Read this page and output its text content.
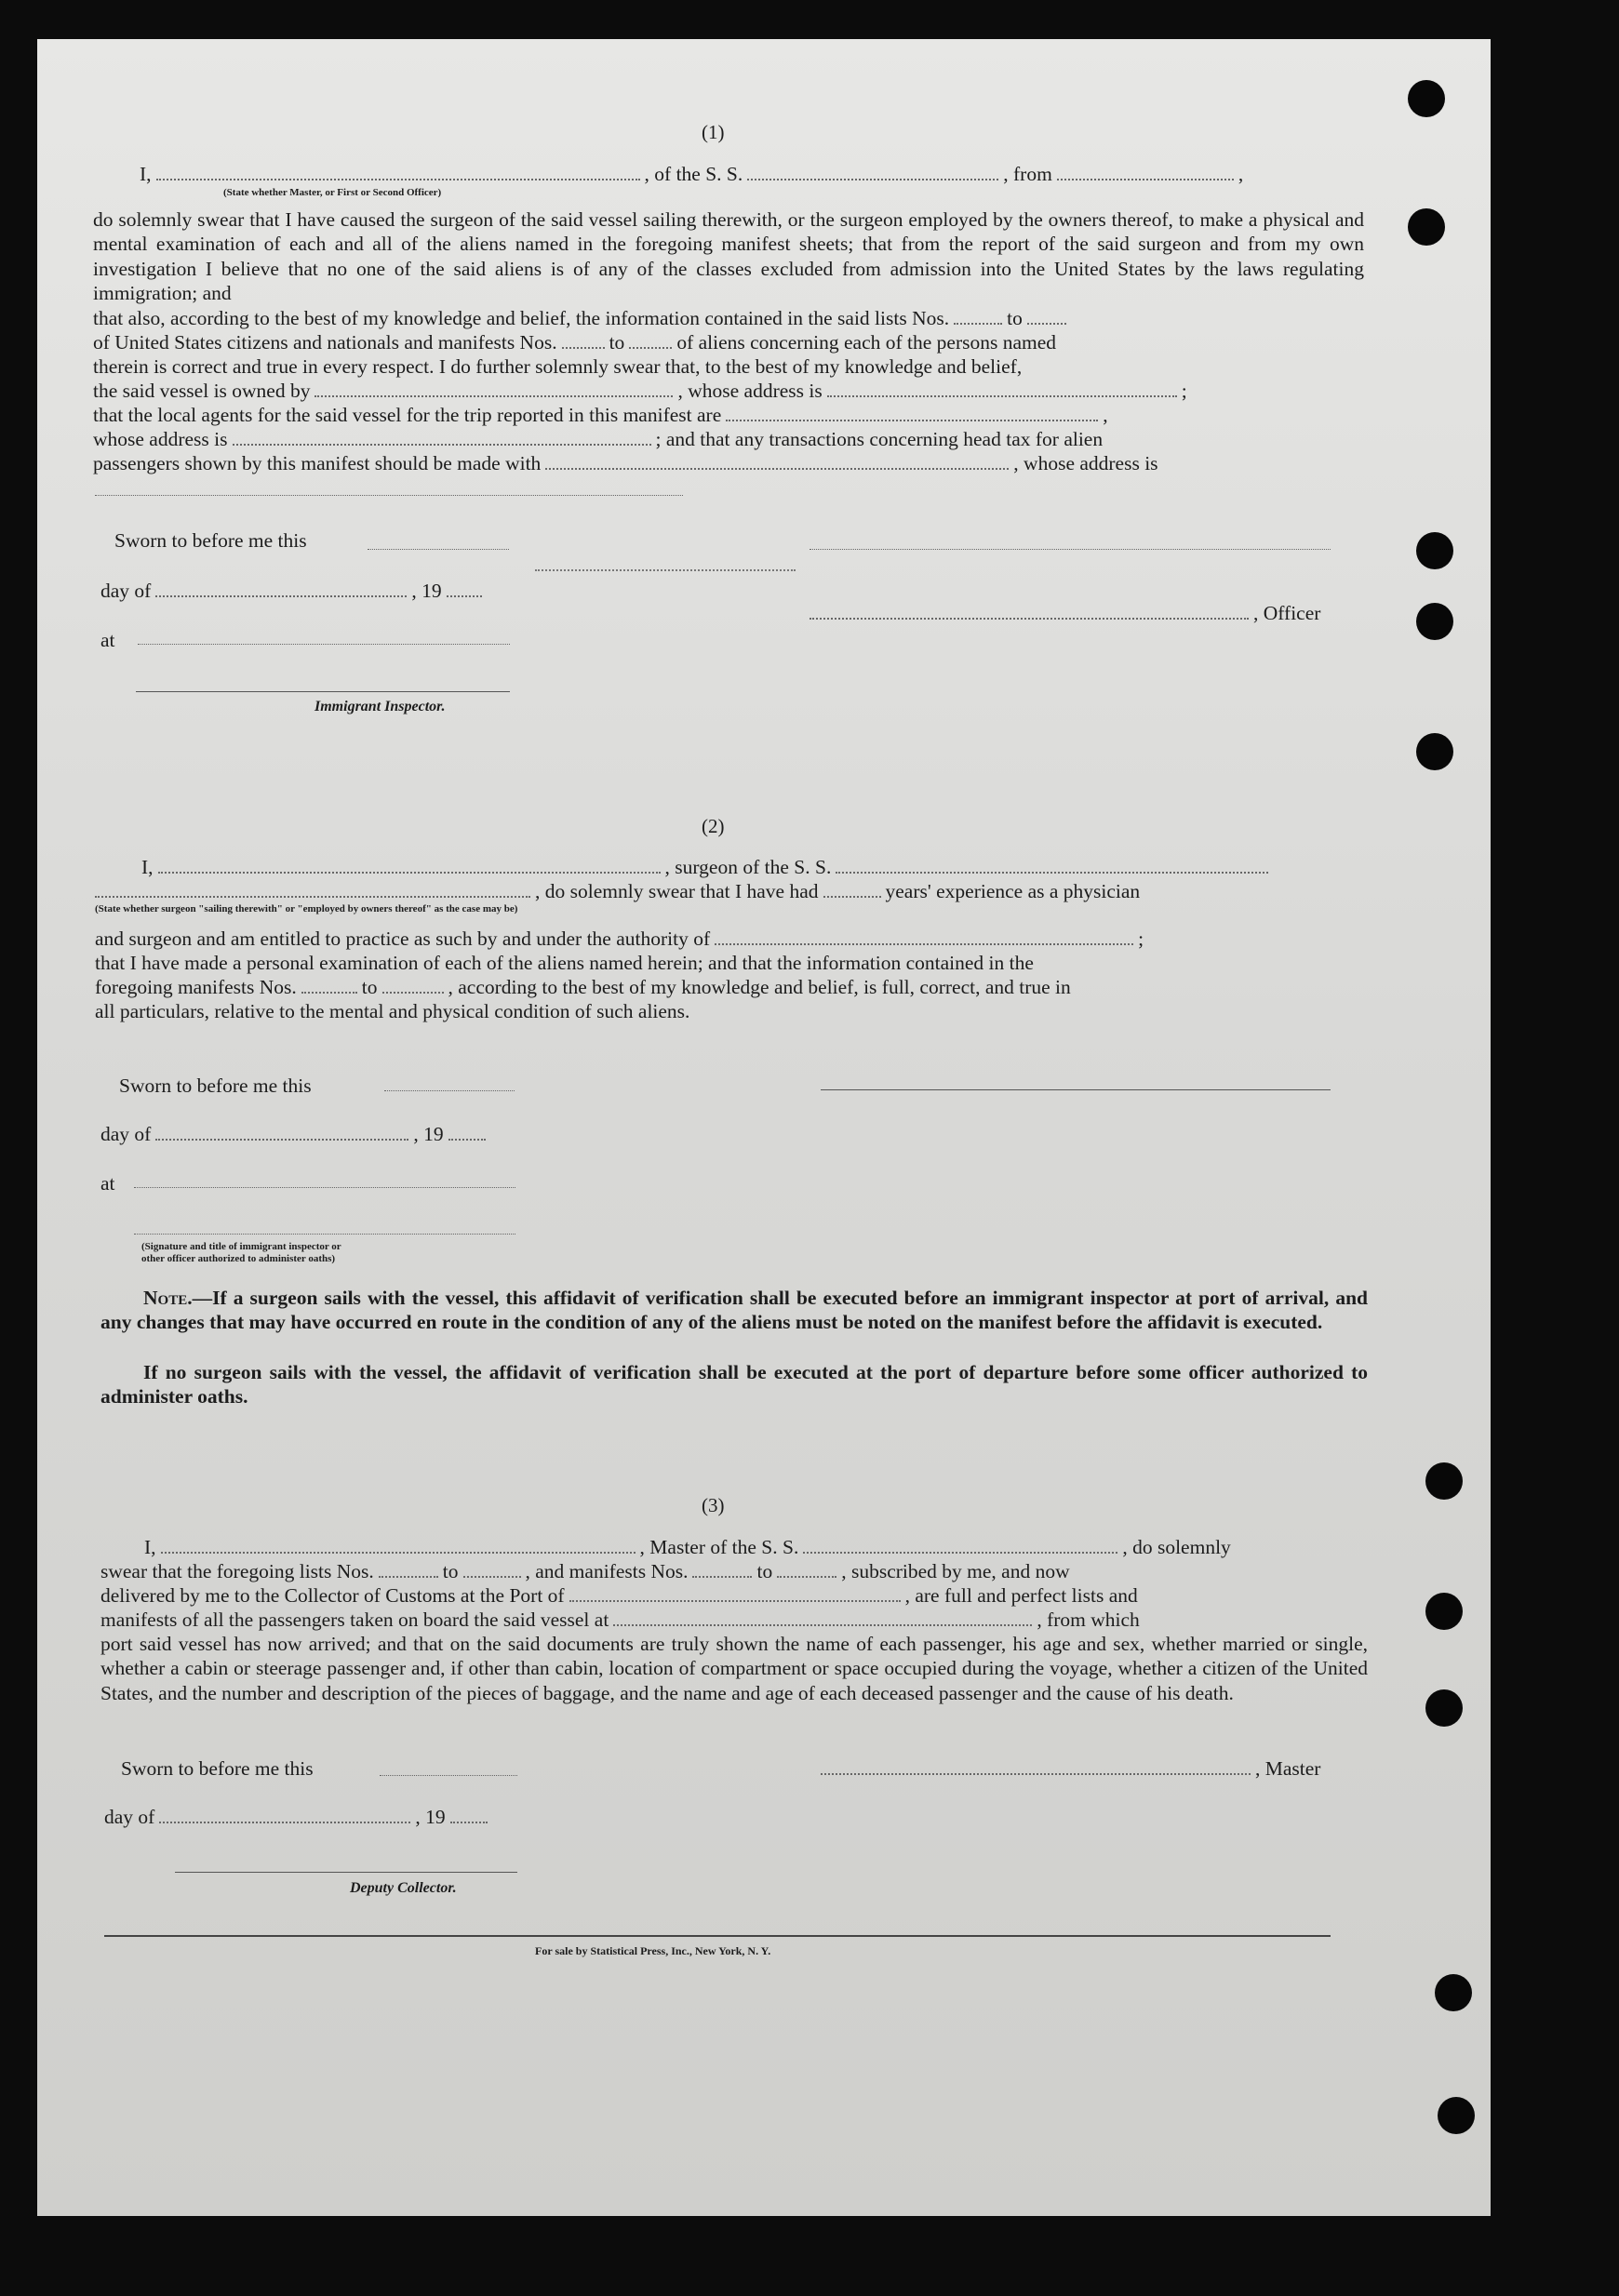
(1)
I,	, of the S. S.	, from	,
(State whether Master, or First or Second Officer)
do solemnly swear that I have caused the surgeon of the said vessel sailing therewith, or the surgeon employed by the owners thereof, to make a physical and mental examination of each and all of the aliens named in the foregoing manifest sheets; that from the report of the said surgeon and from my own investigation I believe that no one of the said aliens is of any of the classes excluded from admission into the United States by the laws regulating immigration; and
that also, according to the best of my knowledge and belief, the information contained in the said lists Nos.	to
of United States citizens and nationals and manifests Nos.	to	of aliens concerning each of the persons named
therein is correct and true in every respect. I do further solemnly swear that, to the best of my knowledge and belief,
the said vessel is owned by	, whose address is	;
that the local agents for the said vessel for the trip reported in this manifest are	,
whose address is	; and that any transactions concerning head tax for alien
passengers shown by this manifest should be made with	, whose address is
Sworn to before me this
day of	, 19
, Officer
at
Immigrant Inspector.
(2)
I,	, surgeon of the S. S.
, do solemnly swear that I have had	years' experience as a physician
(State whether surgeon "sailing therewith" or "employed by owners thereof" as the case may be)
and surgeon and am entitled to practice as such by and under the authority of	;
that I have made a personal examination of each of the aliens named herein; and that the information contained in the
foregoing manifests Nos.	to	, according to the best of my knowledge and belief, is full, correct, and true in
all particulars, relative to the mental and physical condition of such aliens.
Sworn to before me this
day of	, 19
at
(Signature and title of immigrant inspector or
other officer authorized to administer oaths)
Note.—If a surgeon sails with the vessel, this affidavit of verification shall be executed before an immigrant inspector at port of arrival, and any changes that may have occurred en route in the condition of any of the aliens must be noted on the manifest before the affidavit is executed.
If no surgeon sails with the vessel, the affidavit of verification shall be executed at the port of departure before some officer authorized to administer oaths.
(3)
I,	, Master of the S. S.	, do solemnly
swear that the foregoing lists Nos.	to	, and manifests Nos.	to	, subscribed by me, and now
delivered by me to the Collector of Customs at the Port of	, are full and perfect lists and
manifests of all the passengers taken on board the said vessel at	, from which
port said vessel has now arrived; and that on the said documents are truly shown the name of each passenger, his age and sex, whether married or single, whether a cabin or steerage passenger and, if other than cabin, location of compartment or space occupied during the voyage, whether a citizen of the United States, and the number and description of the pieces of baggage, and the name and age of each deceased passenger and the cause of his death.
Sworn to before me this	, Master
day of	, 19
Deputy Collector.
For sale by Statistical Press, Inc., New York, N. Y.
